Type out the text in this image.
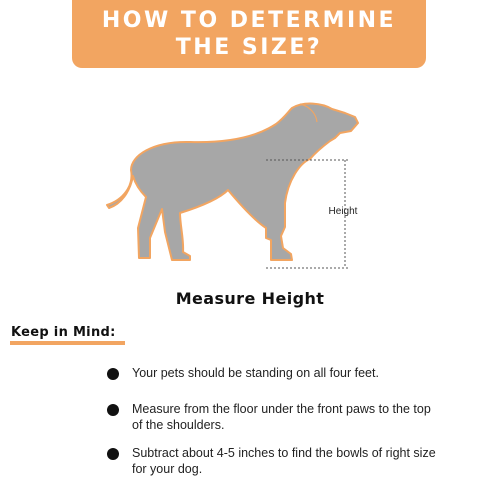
HOW TO DETERMINE
THE SIZE?
Height
Measure Height
Keep in Mind:
Your pets should be standing on all four feet.
Measure from the floor under the front paws to the top of the shoulders.
Subtract about 4-5 inches to find the bowls of right size for your dog.
